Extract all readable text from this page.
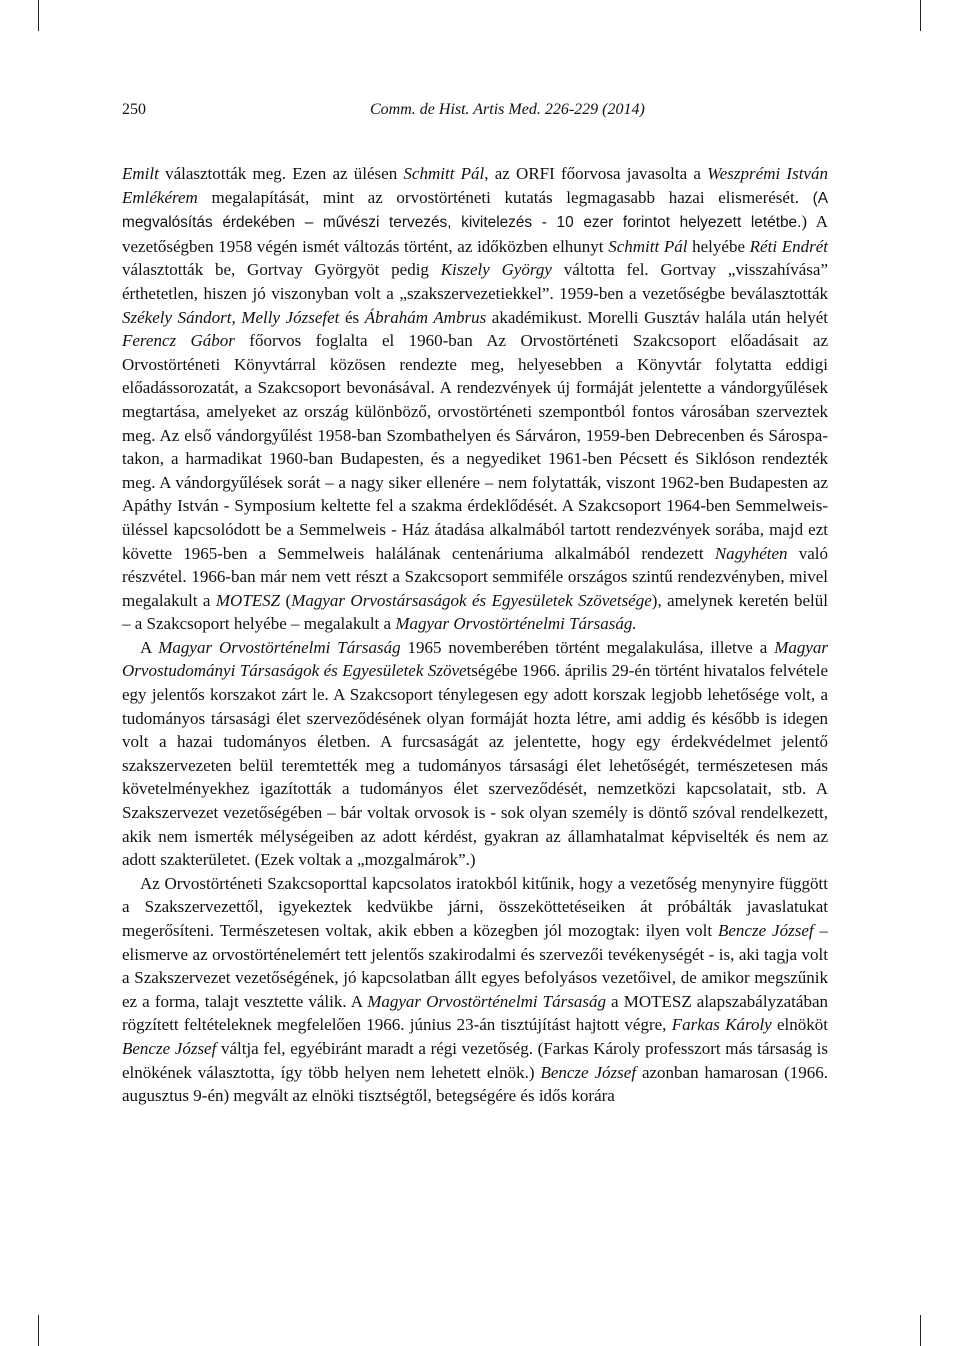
250	Comm. de Hist. Artis Med. 226-229 (2014)

Emilt választották meg. Ezen az ülésen Schmitt Pál, az ORFI főorvosa javasolta a Weszprémi István Emlékérem megalapítását, mint az orvostörténeti kutatás legmagasabb hazai elismerését. (A megvalósítás érdekében – művészi tervezés, kivitelezés - 10 ezer forintot helyezett letétbe.) A vezetőségben 1958 végén ismét változás történt, az időközben elhunyt Schmitt Pál helyébe Réti Endrét választották be, Gortvay Györgyöt pedig Kiszely György váltotta fel. Gortvay „visszahívása” érthetetlen, hiszen jó viszonyban volt a „szakszervezetiekkel”. 1959-ben a vezetőségbe beválasztották Székely Sándort, Melly Józsefet és Ábrahám Ambrus akadémikust. Morelli Gusztáv halála után helyét Ferencz Gábor főorvos foglalta el 1960-ban Az Orvostörténeti Szakcsoport előadásait az Orvostörténeti Könyvtárral közösen rendezte meg, helyesebben a Könyvtár folytatta eddigi előadássorozatát, a Szakcsoport bevonásával. A rendezvények új formáját jelentette a vándorgyűlések megtartása, amelyeket az ország különböző, orvostörténeti szempontból fontos városában szerveztek meg. Az első vándorgyűlést 1958-ban Szombathelyen és Sárváron, 1959-ben Debrecenben és Sárospatakon, a harmadikat 1960-ban Budapesten, és a negyediket 1961-ben Pécsett és Siklóson rendezték meg. A vándorgyűlések sorát – a nagy siker ellenére – nem folytatták, viszont 1962-ben Budapesten az Apáthy István - Symposium keltette fel a szakma érdeklődését. A Szakcsoport 1964-ben Semmelweis-üléssel kapcsolódott be a Semmelweis - Ház átadása alkalmából tartott rendezvények sorába, majd ezt követte 1965-ben a Semmelweis halálának centenáriuma alkalmából rendezett Nagyhéten való részvétel. 1966-ban már nem vett részt a Szakcsoport semmiféle országos szintű rendezvényben, mivel megalakult a MOTESZ (Magyar Orvostársaságok és Egyesületek Szövetsége), amelynek keretén belül – a Szakcsoport helyébe – megalakult a Magyar Orvostörténelmi Társaság.

A Magyar Orvostörténelmi Társaság 1965 novemberében történt megalakulása, illetve a Magyar Orvostudományi Társaságok és Egyesületek Szövetségébe 1966. április 29-én történt hivatalos felvétele egy jelentős korszakot zárt le. A Szakcsoport ténylegesen egy adott korszak legjobb lehetősége volt, a tudományos társasági élet szerveződésének olyan formáját hozta létre, ami addig és később is idegen volt a hazai tudományos életben. A furcsaságát az jelentette, hogy egy érdekvédelmet jelentő szakszervezeten belül teremtették meg a tudományos társasági élet lehetőségét, természetesen más követelményekhez igazították a tudományos élet szerveződését, nemzetközi kapcsolatait, stb. A Szakszervezet vezetőségében – bár voltak orvosok is - sok olyan személy is döntő szóval rendelkezett, akik nem ismerték mélységeiben az adott kérdést, gyakran az államhatalmat képviselték és nem az adott szakterületet. (Ezek voltak a „mozgalmárok”.)

Az Orvostörténeti Szakcsoporttal kapcsolatos iratokból kitűnik, hogy a vezetőség menynyire függött a Szakszervezettől, igyekeztek kedvükbe járni, összeköttetéseiken át próbálták javaslatukat megerősíteni. Természetesen voltak, akik ebben a közegben jól mozogtak: ilyen volt Bencze József – elismerve az orvostörténelemért tett jelentős szakirodalmi és szervezői tevékenységét - is, aki tagja volt a Szakszervezet vezetőségének, jó kapcsolatban állt egyes befolyásos vezetőivel, de amikor megszűnik ez a forma, talajt vesztette válik. A Magyar Orvostörténelmi Társaság a MOTESZ alapszabályzatában rögzített feltételeknek megfelelően 1966. június 23-án tisztújítást hajtott végre, Farkas Károly elnököt Bencze József váltja fel, egyébiránt maradt a régi vezetőség. (Farkas Károly professzort más társaság is elnökének választotta, így több helyen nem lehetett elnök.) Bencze József azonban hamarosan (1966. augusztus 9-én) megvált az elnöki tisztségtől, betegségére és idős korára
